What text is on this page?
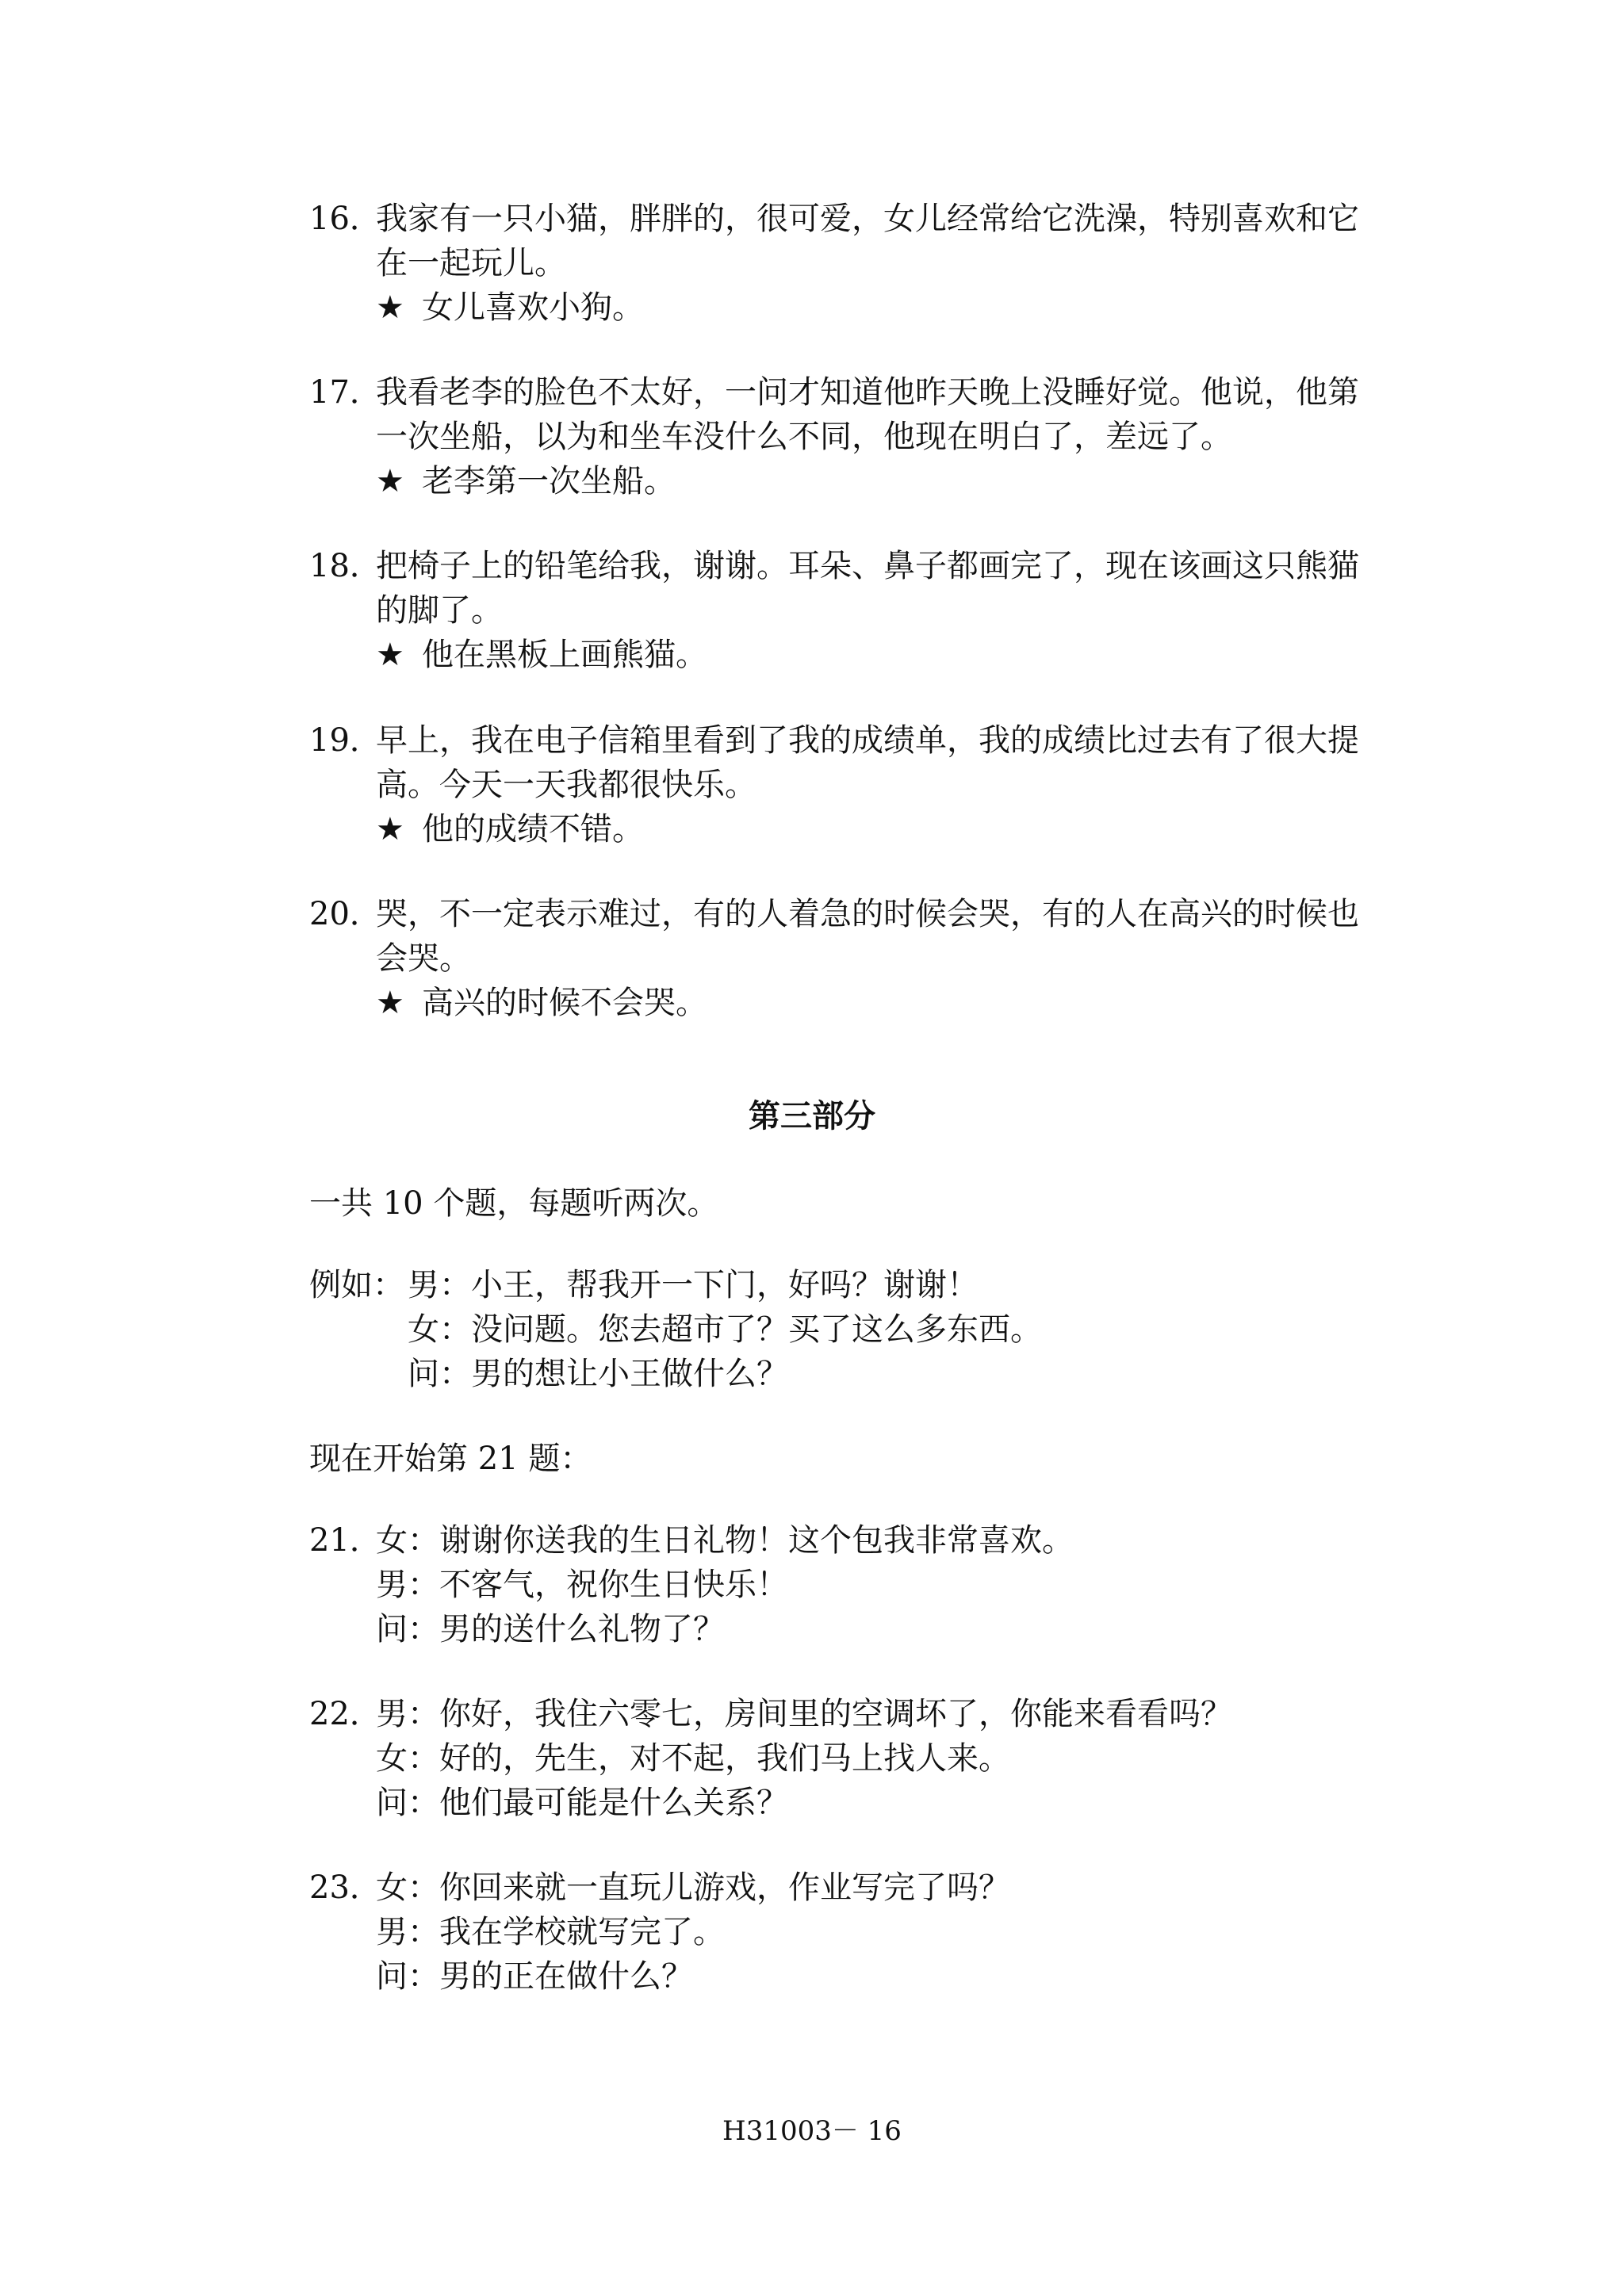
16．
我家有一只小猫，胖胖的，很可爱，女儿经常给它洗澡，特别喜欢和它在一起玩儿。
★ 女儿喜欢小狗。
17．
我看老李的脸色不太好，一问才知道他昨天晚上没睡好觉。他说，他第一次坐船，以为和坐车没什么不同，他现在明白了，差远了。
★ 老李第一次坐船。
18．
把椅子上的铅笔给我，谢谢。耳朵、鼻子都画完了，现在该画这只熊猫的脚了。
★ 他在黑板上画熊猫。
19．
早上，我在电子信箱里看到了我的成绩单，我的成绩比过去有了很大提高。今天一天我都很快乐。
★ 他的成绩不错。
20．
哭，不一定表示难过，有的人着急的时候会哭，有的人在高兴的时候也会哭。
★ 高兴的时候不会哭。
第三部分
一共 10 个题，每题听两次。
例如： 男：小王，帮我开一下门，好吗？谢谢！
女：没问题。您去超市了？买了这么多东西。
问：男的想让小王做什么？
现在开始第 21 题：
21．
女：谢谢你送我的生日礼物！这个包我非常喜欢。
男：不客气，祝你生日快乐！
问：男的送什么礼物了？
22．
男：你好，我住六零七，房间里的空调坏了，你能来看看吗？
女：好的，先生，对不起，我们马上找人来。
问：他们最可能是什么关系？
23．
女：你回来就一直玩儿游戏，作业写完了吗？
男：我在学校就写完了。
问：男的正在做什么？
H31003－ 16
